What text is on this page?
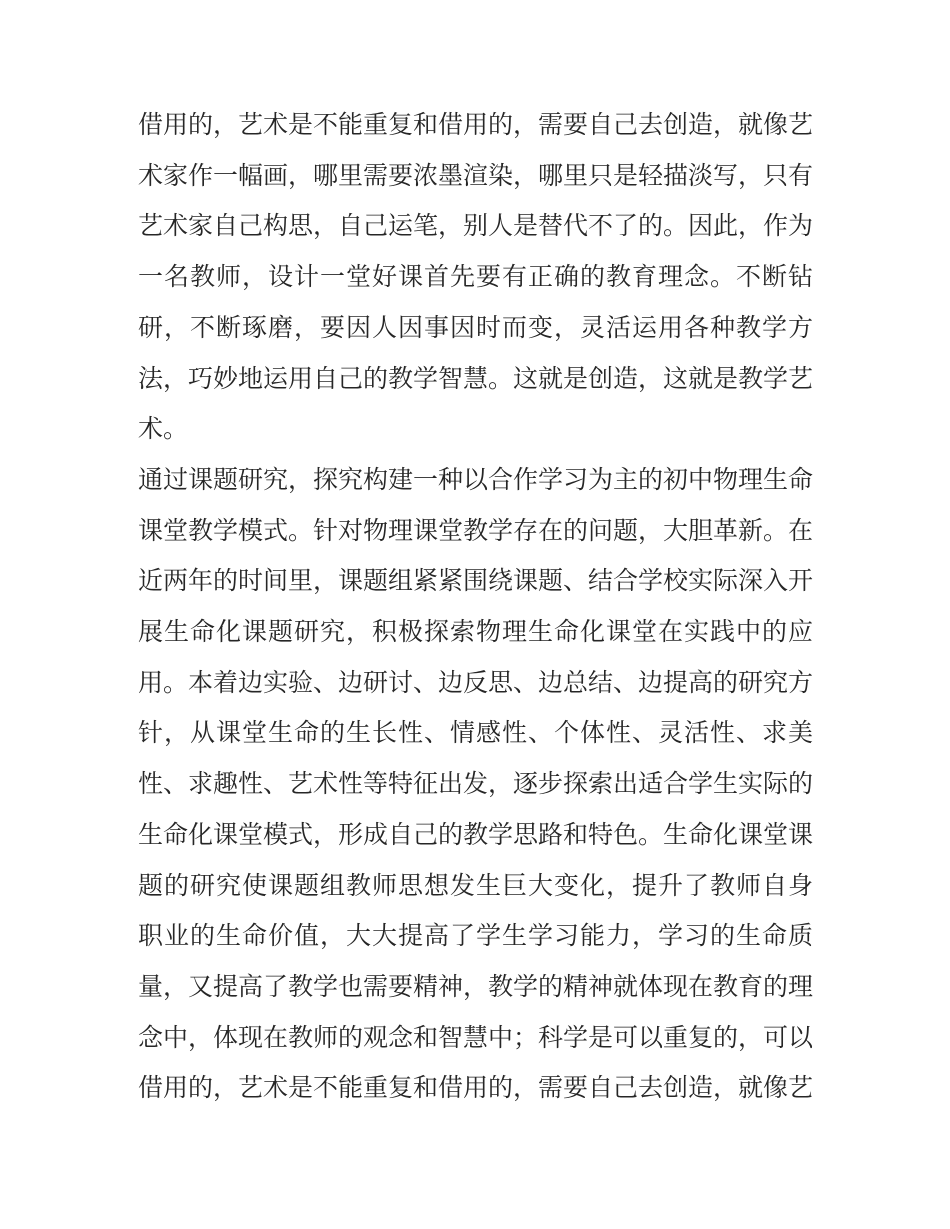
借用的，艺术是不能重复和借用的，需要自己去创造，就像艺
术家作一幅画，哪里需要浓墨渲染，哪里只是轻描淡写，只有
艺术家自己构思，自己运笔，别人是替代不了的。因此，作为
一名教师，设计一堂好课首先要有正确的教育理念。不断钻
研，不断琢磨，要因人因事因时而变，灵活运用各种教学方
法，巧妙地运用自己的教学智慧。这就是创造，这就是教学艺
术。
通过课题研究，探究构建一种以合作学习为主的初中物理生命
课堂教学模式。针对物理课堂教学存在的问题，大胆革新。在
近两年的时间里，课题组紧紧围绕课题、结合学校实际深入开
展生命化课题研究，积极探索物理生命化课堂在实践中的应
用。本着边实验、边研讨、边反思、边总结、边提高的研究方
针，从课堂生命的生长性、情感性、个体性、灵活性、求美
性、求趣性、艺术性等特征出发，逐步探索出适合学生实际的
生命化课堂模式，形成自己的教学思路和特色。生命化课堂课
题的研究使课题组教师思想发生巨大变化，提升了教师自身
职业的生命价值，大大提高了学生学习能力，学习的生命质
量，又提高了教学也需要精神，教学的精神就体现在教育的理
念中，体现在教师的观念和智慧中；科学是可以重复的，可以
借用的，艺术是不能重复和借用的，需要自己去创造，就像艺
